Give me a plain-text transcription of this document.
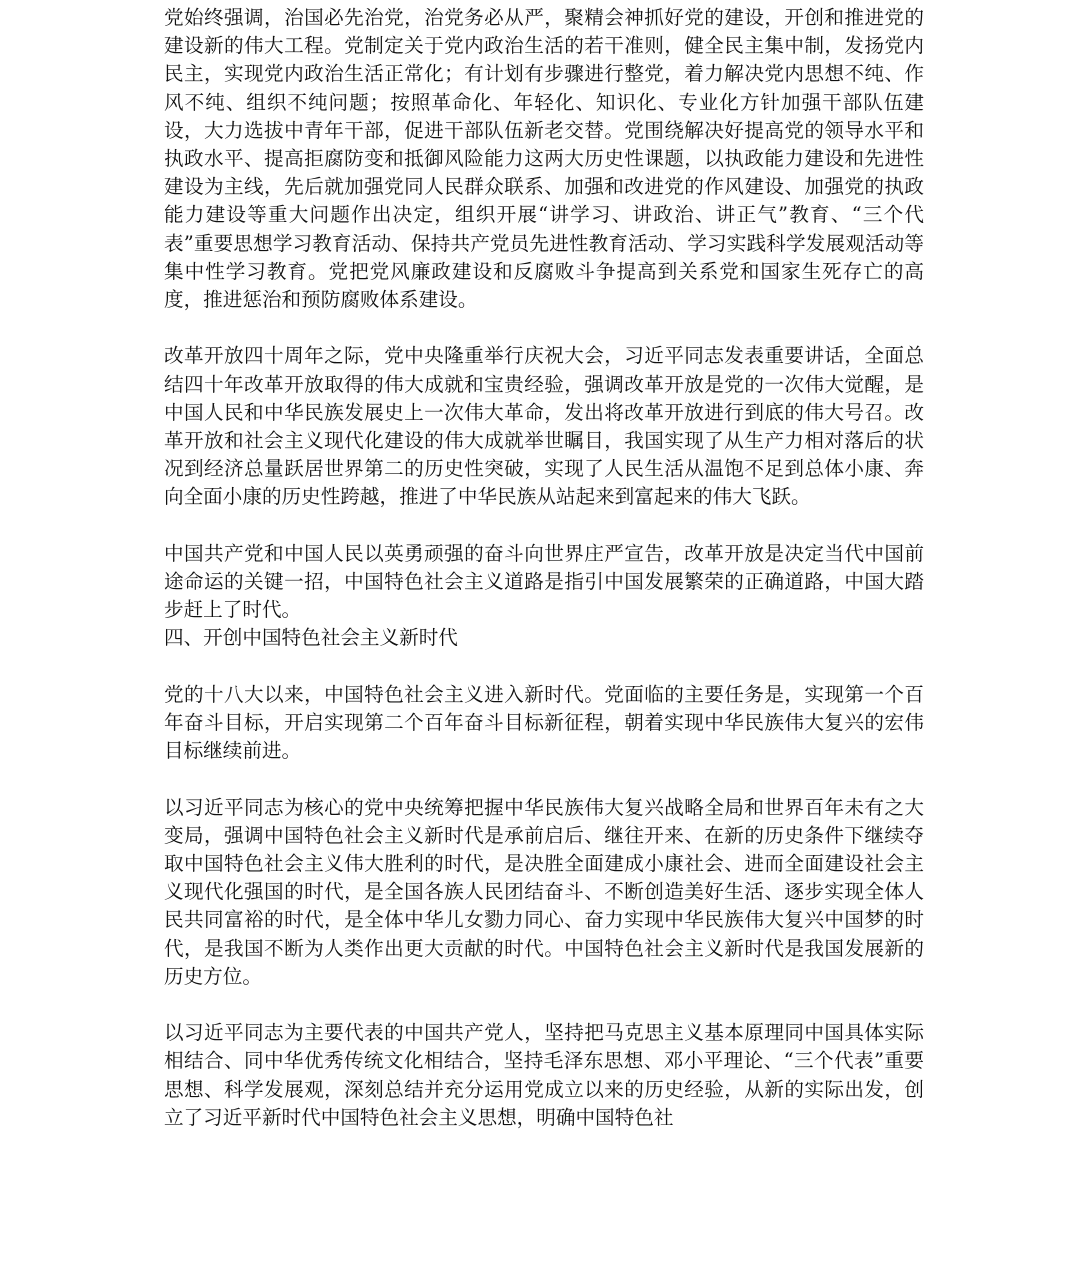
党始终强调，治国必先治党，治党务必从严，聚精会神抓好党的建设，开创和推进党的建设新的伟大工程。党制定关于党内政治生活的若干准则，健全民主集中制，发扬党内民主，实现党内政治生活正常化；有计划有步骤进行整党，着力解决党内思想不纯、作风不纯、组织不纯问题；按照革命化、年轻化、知识化、专业化方针加强干部队伍建设，大力选拔中青年干部，促进干部队伍新老交替。党围绕解决好提高党的领导水平和执政水平、提高拒腐防变和抵御风险能力这两大历史性课题，以执政能力建设和先进性建设为主线，先后就加强党同人民群众联系、加强和改进党的作风建设、加强党的执政能力建设等重大问题作出决定，组织开展“讲学习、讲政治、讲正气”教育、“三个代表”重要思想学习教育活动、保持共产党员先进性教育活动、学习实践科学发展观活动等集中性学习教育。党把党风廉政建设和反腐败斗争提高到关系党和国家生死存亡的高度，推进惩治和预防腐败体系建设。

改革开放四十周年之际，党中央隆重举行庆祝大会，习近平同志发表重要讲话，全面总结四十年改革开放取得的伟大成就和宝贵经验，强调改革开放是党的一次伟大觉醒，是中国人民和中华民族发展史上一次伟大革命，发出将改革开放进行到底的伟大号召。改革开放和社会主义现代化建设的伟大成就举世瞩目，我国实现了从生产力相对落后的状况到经济总量跃居世界第二的历史性突破，实现了人民生活从温饱不足到总体小康、奔向全面小康的历史性跨越，推进了中华民族从站起来到富起来的伟大飞跃。

中国共产党和中国人民以英勇顽强的奋斗向世界庄严宣告，改革开放是决定当代中国前途命运的关键一招，中国特色社会主义道路是指引中国发展繁荣的正确道路，中国大踏步赶上了时代。

四、开创中国特色社会主义新时代

党的十八大以来，中国特色社会主义进入新时代。党面临的主要任务是，实现第一个百年奋斗目标，开启实现第二个百年奋斗目标新征程，朝着实现中华民族伟大复兴的宏伟目标继续前进。

以习近平同志为核心的党中央统筹把握中华民族伟大复兴战略全局和世界百年未有之大变局，强调中国特色社会主义新时代是承前启后、继往开来、在新的历史条件下继续夺取中国特色社会主义伟大胜利的时代，是决胜全面建成小康社会、进而全面建设社会主义现代化强国的时代，是全国各族人民团结奋斗、不断创造美好生活、逐步实现全体人民共同富裕的时代，是全体中华儿女勠力同心、奋力实现中华民族伟大复兴中国梦的时代，是我国不断为人类作出更大贡献的时代。中国特色社会主义新时代是我国发展新的历史方位。

以习近平同志为主要代表的中国共产党人，坚持把马克思主义基本原理同中国具体实际相结合、同中华优秀传统文化相结合，坚持毛泽东思想、邓小平理论、“三个代表”重要思想、科学发展观，深刻总结并充分运用党成立以来的历史经验，从新的实际出发，创立了习近平新时代中国特色社会主义思想，明确中国特色社
